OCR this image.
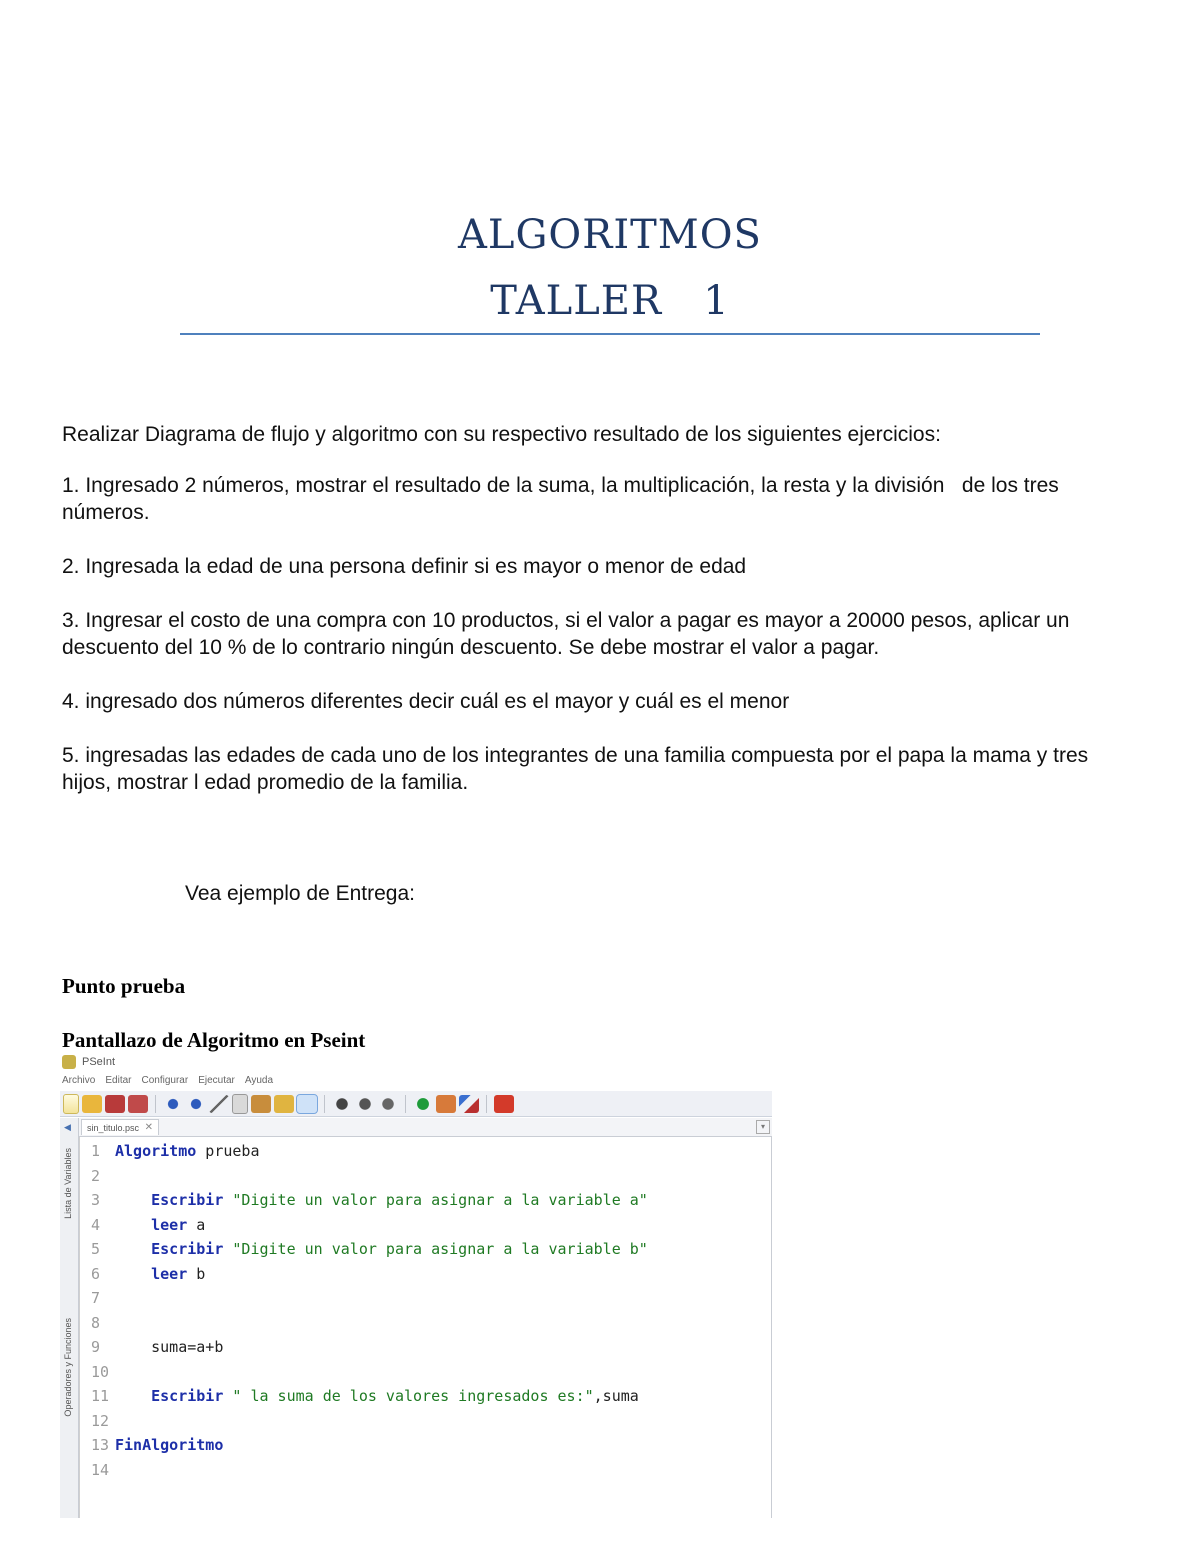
ALGORITMOS
TALLER   1
Realizar Diagrama de flujo y algoritmo con su respectivo resultado de los siguientes ejercicios:
1. Ingresado 2 números, mostrar el resultado de la suma, la multiplicación, la resta y la división   de los tres números.
2. Ingresada la edad de una persona definir si es mayor o menor de edad
3. Ingresar el costo de una compra con 10 productos, si el valor a pagar es mayor a 20000 pesos, aplicar un descuento del 10 % de lo contrario ningún descuento. Se debe mostrar el valor a pagar.
4. ingresado dos números diferentes decir cuál es el mayor y cuál es el menor
5. ingresadas las edades de cada uno de los integrantes de una familia compuesta por el papa la mama y tres hijos, mostrar l edad promedio de la familia.
Vea ejemplo de Entrega:
Punto prueba
Pantallazo de Algoritmo en Pseint
PSeInt
Archivo Editar Configurar Ejecutar Ayuda
◀
Lista de Variables
Operadores y Funciones
sin_titulo.psc ✕	▾
1 Algoritmo prueba
2
3	Escribir "Digite un valor para asignar a la variable a"
4	leer a
5	Escribir "Digite un valor para asignar a la variable b"
6	leer b
7
8
9	suma=a+b
10
11	Escribir " la suma de los valores ingresados es:",suma
12
13 FinAlgoritmo
14
